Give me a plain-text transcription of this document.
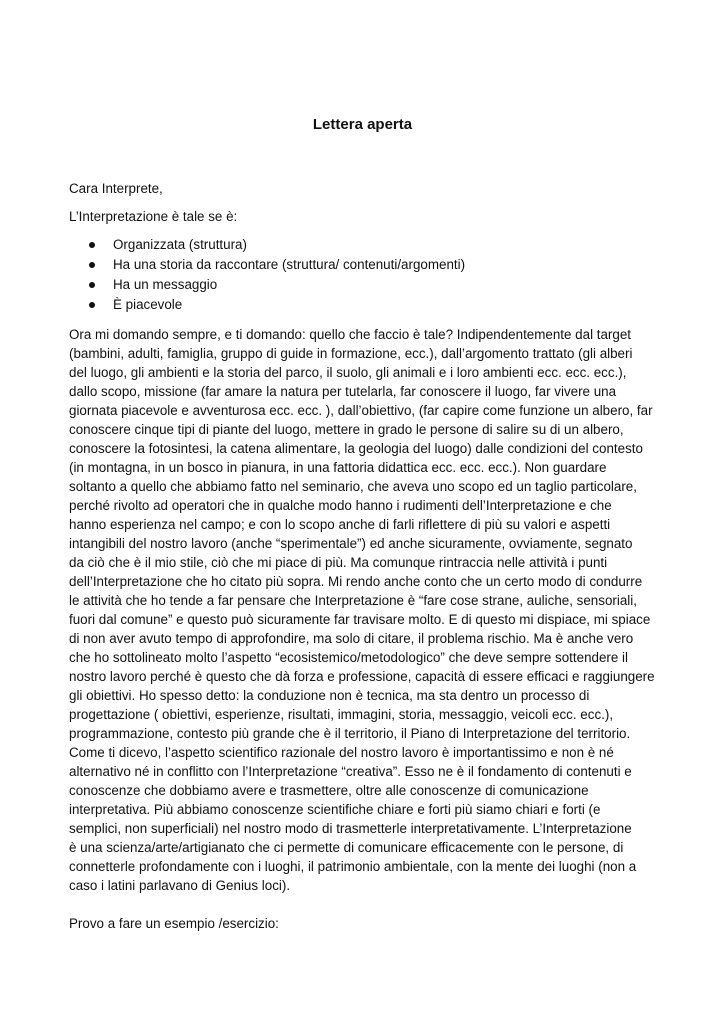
Lettera aperta
Cara Interprete,
L’Interpretazione è tale se è:
Organizzata (struttura)
Ha una storia da raccontare (struttura/ contenuti/argomenti)
Ha un messaggio
È piacevole
Ora mi domando sempre, e ti domando: quello che faccio è tale? Indipendentemente dal target
(bambini, adulti, famiglia, gruppo di guide in formazione, ecc.), dall’argomento trattato (gli alberi
del luogo, gli ambienti e la storia del parco, il suolo, gli animali e i loro ambienti ecc. ecc. ecc.),
dallo scopo, missione (far amare la natura per tutelarla, far conoscere il luogo, far vivere una
giornata piacevole e avventurosa ecc. ecc. ), dall’obiettivo, (far capire come funzione un albero, far
conoscere cinque tipi di piante del luogo, mettere in grado le persone di salire su di un albero,
conoscere la fotosintesi, la catena alimentare, la geologia del luogo) dalle condizioni del contesto
(in montagna, in un bosco in pianura, in una fattoria didattica ecc. ecc. ecc.). Non guardare
soltanto a quello che abbiamo fatto nel seminario, che aveva uno scopo ed un taglio particolare,
perché rivolto ad operatori che in qualche modo hanno i rudimenti dell’Interpretazione e che
hanno esperienza nel campo; e con lo scopo anche di farli riflettere di più su valori e aspetti
intangibili del nostro lavoro (anche “sperimentale”) ed anche sicuramente, ovviamente, segnato
da ciò che è il mio stile, ciò che mi piace di più. Ma comunque rintraccia nelle attività i punti
dell’Interpretazione che ho citato più sopra. Mi rendo anche conto che un certo modo di condurre
le attività che ho tende a far pensare che Interpretazione è “fare cose strane, auliche, sensoriali,
fuori dal comune” e questo può sicuramente far travisare molto. E di questo mi dispiace, mi spiace
di non aver avuto tempo di approfondire, ma solo di citare, il problema rischio. Ma è anche vero
che ho sottolineato molto l’aspetto “ecosistemico/metodologico” che deve sempre sottendere il
nostro lavoro perché è questo che dà forza e professione, capacità di essere efficaci e raggiungere
gli obiettivi. Ho spesso detto: la conduzione non è tecnica, ma sta dentro un processo di
progettazione ( obiettivi, esperienze, risultati, immagini, storia, messaggio, veicoli ecc. ecc.),
programmazione, contesto più grande che è il territorio, il Piano di Interpretazione del territorio.
Come ti dicevo, l’aspetto scientifico razionale del nostro lavoro è importantissimo e non è né
alternativo né in conflitto con l’Interpretazione “creativa”. Esso ne è il fondamento di contenuti e
conoscenze che dobbiamo avere e trasmettere, oltre alle conoscenze di comunicazione
interpretativa. Più abbiamo conoscenze scientifiche chiare e forti più siamo chiari e forti (e
semplici, non superficiali) nel nostro modo di trasmetterle interpretativamente. L’Interpretazione
è una scienza/arte/artigianato che ci permette di comunicare efficacemente con le persone, di
connetterle profondamente con i luoghi, il patrimonio ambientale, con la mente dei luoghi (non a
caso i latini parlavano di Genius loci).
Provo a fare un esempio /esercizio:
